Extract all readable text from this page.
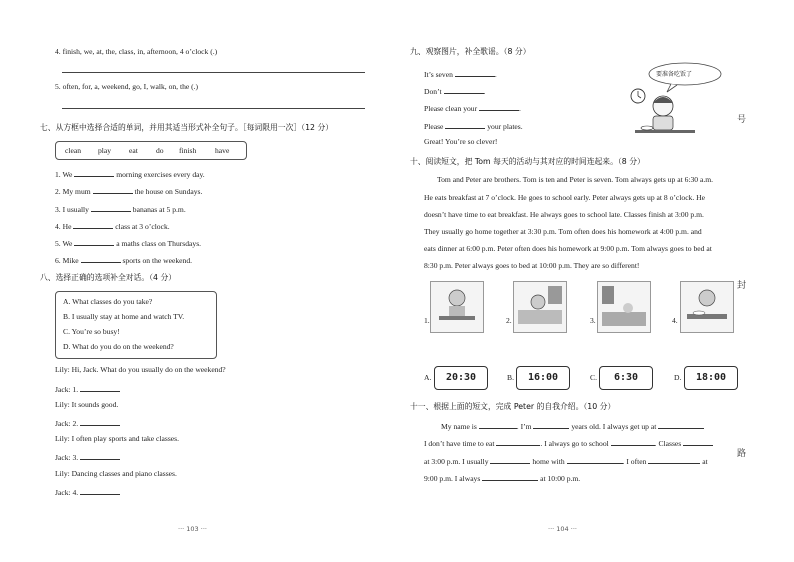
4. finish, we, at, the, class, in, afternoon, 4 o’clock (.)
5. often, for, a, weekend, go, I, walk, on, the (.)
七、从方框中选择合适的单词，并用其适当形式补全句子。［每词限用一次］（12 分）
clean play eat do finish have
1. We	morning exercises every day.
2. My mum	the house on Sundays.
3. I usually	bananas at 5 p.m.
4. He	class at 3 o’clock.
5. We	a maths class on Thursdays.
6. Mike	sports on the weekend.
八、选择正确的选项补全对话。（4 分）
A. What classes do you take?
B. I usually stay at home and watch TV.
C. You’re so busy!
D. What do you do on the weekend?
Lily: Hi, Jack. What do you usually do on the weekend?
Jack: 1.
Lily: It sounds good.
Jack: 2.
Lily: I often play sports and take classes.
Jack: 3.
Lily: Dancing classes and piano classes.
Jack: 4.
··· 103 ···
九、观察图片，补全歌谣。（8 分）
It’s seven	.
Don’t	.
Please clean your	.
Please	your plates.
Great! You’re so clever!
要准备吃饭了
十、阅读短文，把 Tom 每天的活动与其对应的时间连起来。（8 分）
Tom and Peter are brothers. Tom is ten and Peter is seven. Tom always gets up at 6:30 a.m.
He eats breakfast at 7 o’clock. He goes to school early. Peter always gets up at 8 o’clock. He
doesn’t have time to eat breakfast. He always goes to school late. Classes finish at 3:00 p.m.
They usually go home together at 3:30 p.m. Tom often does his homework at 4:00 p.m. and
eats dinner at 6:00 p.m. Peter often does his homework at 9:00 p.m. Tom always goes to bed at
8:30 p.m. Peter always goes to bed at 10:00 p.m. They are so different!
1.	2.	3.	4.
A.	20:30	B.	16:00	C.	6:30	D.	18:00
十一、根据上面的短文，完成 Peter 的自我介绍。（10 分）
My name is	. I’m	years old. I always get up at
I don’t have time to eat	. I always go to school	. Classes
at 3:00 p.m. I usually	home with	. I often	at
9:00 p.m. I always	at 10:00 p.m.
··· 104 ···
号
封
路
